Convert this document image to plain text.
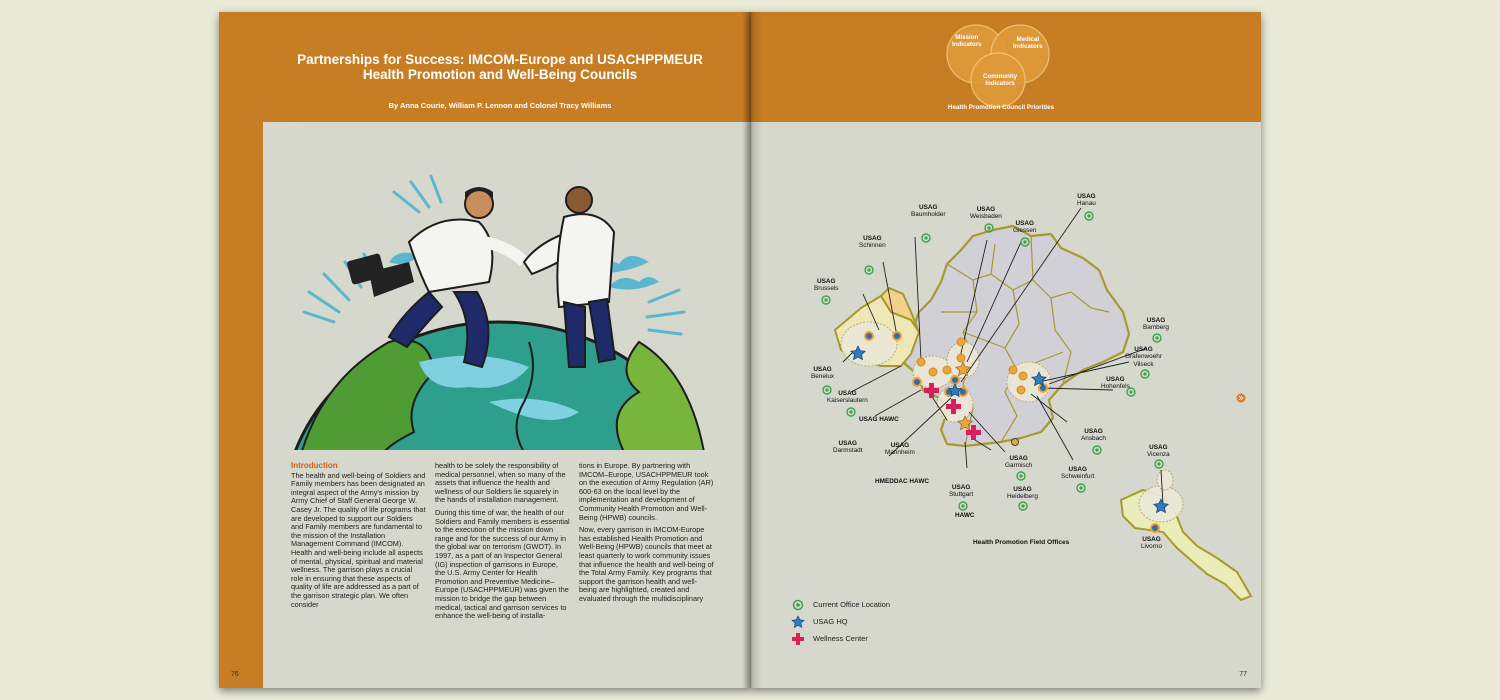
Partnerships for Success: IMCOM-Europe and USACHPPMEUR
Health Promotion and Well-Being Councils
By Anna Courie, William P. Lennon and Colonel Tracy Williams
Introduction

The health and well-being of Soldiers and Family members has been designated an integral aspect of the Army's mission by Army Chief of Staff General George W. Casey Jr. The quality of life programs that are developed to support our Soldiers and Family members are fundamental to the mission of the Installation Management Command (IMCOM). Health and well-being include all aspects of mental, physical, spiritual and material wellness. The garrison plays a crucial role in ensuring that these aspects of quality of life are addressed as a part of the garrison strategic plan. We often consider

health to be solely the responsibility of medical personnel, when so many of the assets that influence the health and wellness of our Soldiers lie squarely in the hands of installation management.

During this time of war, the health of our Soldiers and Family members is essential to the execution of the mission down range and for the success of our Army in the global war on terrorism (GWOT). In 1997, as a part of an Inspector General (IG) inspection of garrisons in Europe, the U.S. Army Center for Health Promotion and Preventive Medicine–Europe (USACHPPMEUR) was given the mission to bridge the gap between medical, tactical and garrison services to enhance the well-being of installa-

tions in Europe. By partnering with IMCOM–Europe, USACHPPMEUR took on the execution of Army Regulation (AR) 600-63 on the local level by the implementation and development of Community Health Promotion and Well-Being (HPWB) councils.

Now, every garrison in IMCOM-Europe has established Health Promotion and Well-Being (HPWB) councils that meet at least quarterly to work community issues that influence the health and well-being of the Total Army Family. Key programs that support the garrison health and well-being are highlighted, created and evaluated through the multidisciplinary

76
Mission
Indicators
Medical
Indicators
Community
Indicators
Health Promotion Council Priorities
USAG
Baumholder
USAG
Weisbaden
USAG
Giessen
USAG
Hanau
USAG
Schinnen
USAG
Brussels
USAG
Bamberg
USAG
Grafenwoehr
Vilseck
USAG
Benelux	USAG
Hohenfels
USAG
Kaiserslautern
USAG HAWC
USAG
Darmstadt
USAG
Mannheim
USAG
Ansbach
HMEDDAC HAWC
USAG
Garmisch
USAG
Schweinfurt
USAG
Stuttgart
USAG
Heidelberg
HAWC
USAG
Vicenza
USAG
Livorno
Health Promotion Field Offices
Current Office Location
USAG HQ
Wellness Center
77
